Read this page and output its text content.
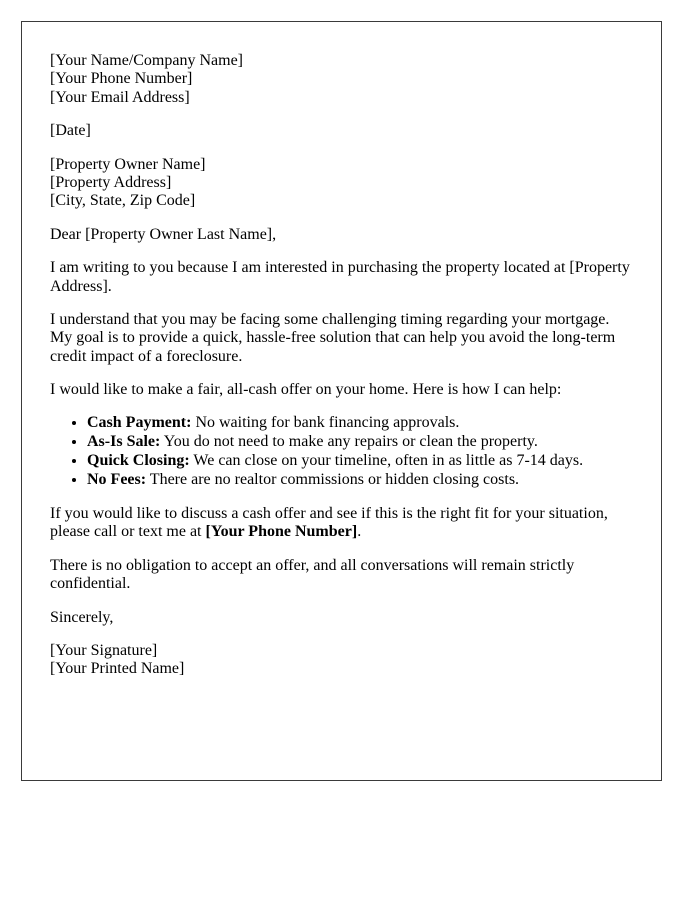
[Your Name/Company Name]
[Your Phone Number]
[Your Email Address]

[Date]

[Property Owner Name]
[Property Address]
[City, State, Zip Code]

Dear [Property Owner Last Name],

I am writing to you because I am interested in purchasing the property located at [Property Address].

I understand that you may be facing some challenging timing regarding your mortgage. My goal is to provide a quick, hassle-free solution that can help you avoid the long-term credit impact of a foreclosure.

I would like to make a fair, all-cash offer on your home. Here is how I can help:

• Cash Payment: No waiting for bank financing approvals.
• As-Is Sale: You do not need to make any repairs or clean the property.
• Quick Closing: We can close on your timeline, often in as little as 7-14 days.
• No Fees: There are no realtor commissions or hidden closing costs.

If you would like to discuss a cash offer and see if this is the right fit for your situation, please call or text me at [Your Phone Number].

There is no obligation to accept an offer, and all conversations will remain strictly confidential.

Sincerely,

[Your Signature]
[Your Printed Name]
